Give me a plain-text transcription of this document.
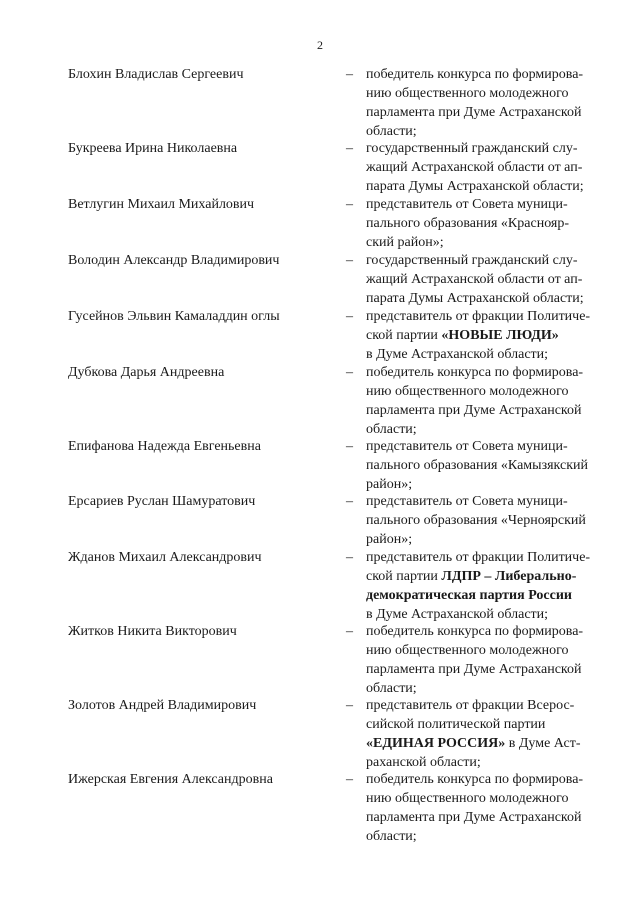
2
Блохин Владислав Сергеевич	– победитель конкурса по формирова-
нию общественного молодежного
парламента при Думе Астраханской
области;
Букреева Ирина Николаевна	– государственный гражданский слу-
жащий Астраханской области от ап-
парата Думы Астраханской области;
Ветлугин Михаил Михайлович	– представитель от Совета муници-
пального образования «Краснояр-
ский район»;
Володин Александр Владимирович	– государственный гражданский слу-
жащий Астраханской области от ап-
парата Думы Астраханской области;
Гусейнов Эльвин Камаладдин оглы	– представитель от фракции Политиче-
ской партии «НОВЫЕ ЛЮДИ»
в Думе Астраханской области;
Дубкова Дарья Андреевна	– победитель конкурса по формирова-
нию общественного молодежного
парламента при Думе Астраханской
области;
Епифанова Надежда Евгеньевна	– представитель от Совета муници-
пального образования «Камызякский
район»;
Ерсариев Руслан Шамуратович	– представитель от Совета муници-
пального образования «Черноярский
район»;
Жданов Михаил Александрович	– представитель от фракции Политиче-
ской партии ЛДПР – Либерально-
демократическая партия России
в Думе Астраханской области;
Житков Никита Викторович	– победитель конкурса по формирова-
нию общественного молодежного
парламента при Думе Астраханской
области;
Золотов Андрей Владимирович	– представитель от фракции Всерос-
сийской политической партии
«ЕДИНАЯ РОССИЯ» в Думе Аст-
раханской области;
Ижерская Евгения Александровна	– победитель конкурса по формирова-
нию общественного молодежного
парламента при Думе Астраханской
области;
